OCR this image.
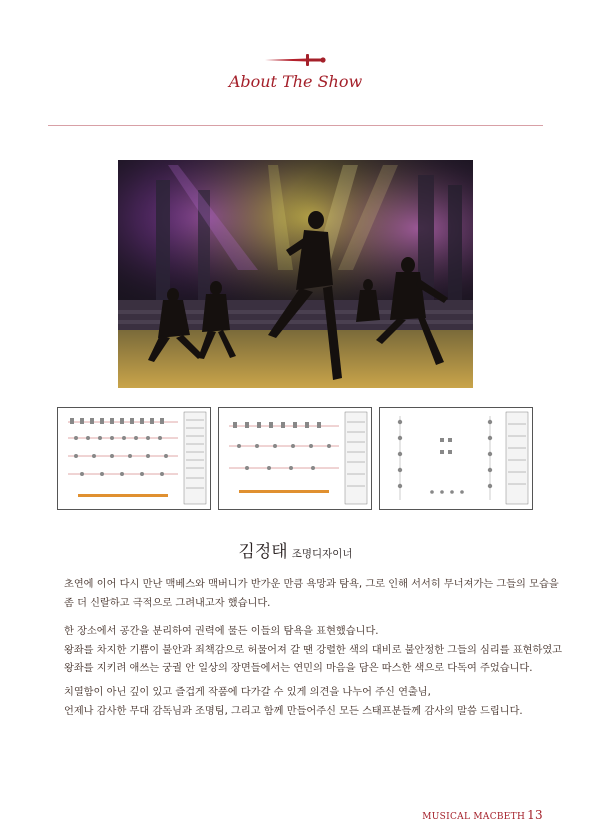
About The Show
김정태 조명디자이너

초연에 이어 다시 만난 맥베스와 맥버니가 반가운 만큼 욕망과 탐욕, 그로 인해 서서히 무너져가는 그들의 모습을
좀 더 신랄하고 극적으로 그려내고자 했습니다.

한 장소에서 공간을 분리하여 권력에 물든 이들의 탐욕을 표현했습니다.
왕좌를 차지한 기쁨이 불안과 죄책감으로 허물어져 갈 땐 강렬한 색의 대비로 불안정한 그들의 심리를 표현하였고
왕좌를 지키려 애쓰는 궁궐 안 일상의 장면들에서는 연민의 마음을 담은 따스한 색으로 다독여 주었습니다.

치열함이 아닌 깊이 있고 즐겁게 작품에 다가갈 수 있게 의견을 나누어 주신 연출님,
언제나 감사한 무대 감독님과 조명팀, 그리고 함께 만들어주신 모든 스태프분들께 감사의 말씀 드립니다.

MUSICAL MACBETH 13
